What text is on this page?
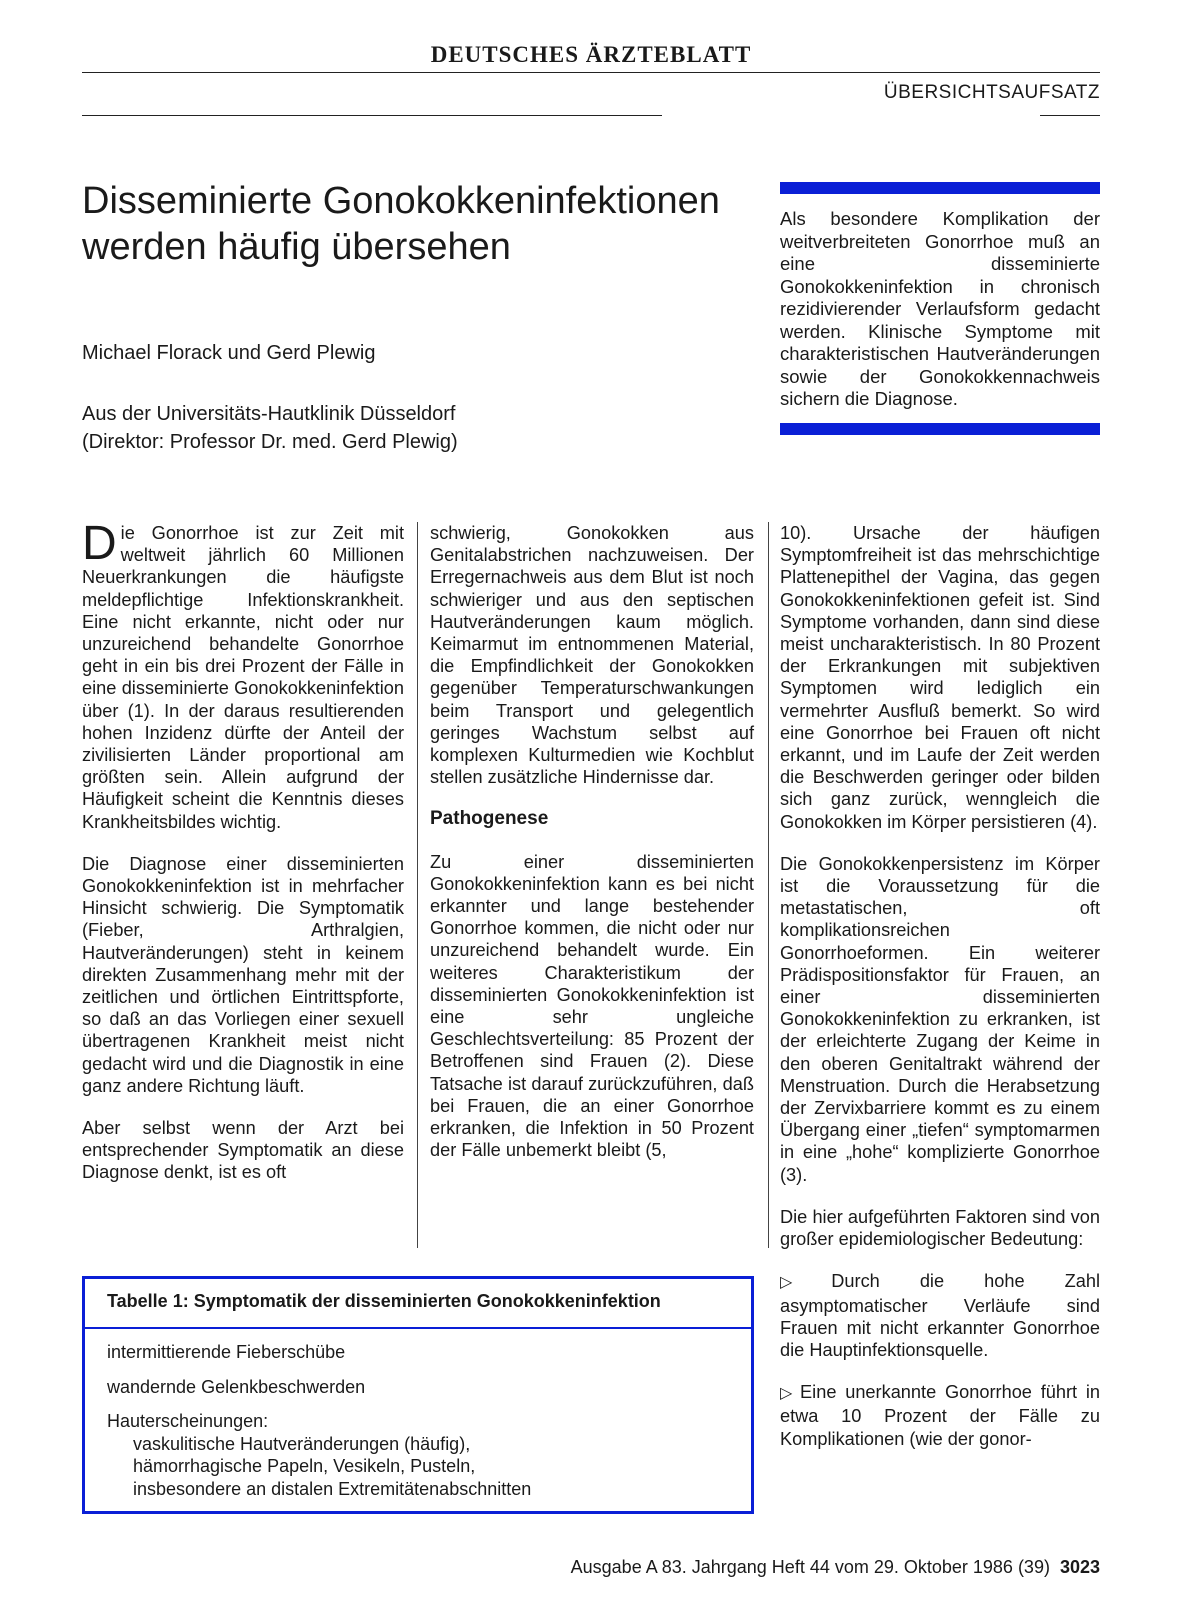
DEUTSCHES ÄRZTEBLATT
ÜBERSICHTSAUFSATZ
Disseminierte Gonokokkeninfektionen
werden häufig übersehen
Michael Florack und Gerd Plewig
Aus der Universitäts-Hautklinik Düsseldorf
(Direktor: Professor Dr. med. Gerd Plewig)
Als besondere Komplikation der weitverbreiteten Gonorrhoe muß an eine disseminierte Gonokokkeninfektion in chronisch rezidivierender Verlaufsform gedacht werden. Klinische Symptome mit charakteristischen Hautveränderungen sowie der Gonokokkennachweis sichern die Diagnose.

Die Gonorrhoe ist zur Zeit mit weltweit jährlich 60 Millionen Neuerkrankungen die häufigste meldepflichtige Infektionskrankheit. Eine nicht erkannte, nicht oder nur unzureichend behandelte Gonorrhoe geht in ein bis drei Prozent der Fälle in eine disseminierte Gonokokkeninfektion über (1). In der daraus resultierenden hohen Inzidenz dürfte der Anteil der zivilisierten Länder proportional am größten sein. Allein aufgrund der Häufigkeit scheint die Kenntnis dieses Krankheitsbildes wichtig.

Die Diagnose einer disseminierten Gonokokkeninfektion ist in mehrfacher Hinsicht schwierig. Die Symptomatik (Fieber, Arthralgien, Hautveränderungen) steht in keinem direkten Zusammenhang mehr mit der zeitlichen und örtlichen Eintrittspforte, so daß an das Vorliegen einer sexuell übertragenen Krankheit meist nicht gedacht wird und die Diagnostik in eine ganz andere Richtung läuft.

Aber selbst wenn der Arzt bei entsprechender Symptomatik an diese Diagnose denkt, ist es oft

schwierig, Gonokokken aus Genitalabstrichen nachzuweisen. Der Erregernachweis aus dem Blut ist noch schwieriger und aus den septischen Hautveränderungen kaum möglich. Keimarmut im entnommenen Material, die Empfindlichkeit der Gonokokken gegenüber Temperaturschwankungen beim Transport und gelegentlich geringes Wachstum selbst auf komplexen Kulturmedien wie Kochblut stellen zusätzliche Hindernisse dar.

Pathogenese

Zu einer disseminierten Gonokokkeninfektion kann es bei nicht erkannter und lange bestehender Gonorrhoe kommen, die nicht oder nur unzureichend behandelt wurde. Ein weiteres Charakteristikum der disseminierten Gonokokkeninfektion ist eine sehr ungleiche Geschlechtsverteilung: 85 Prozent der Betroffenen sind Frauen (2). Diese Tatsache ist darauf zurückzuführen, daß bei Frauen, die an einer Gonorrhoe erkranken, die Infektion in 50 Prozent der Fälle unbemerkt bleibt (5,

10). Ursache der häufigen Symptomfreiheit ist das mehrschichtige Plattenepithel der Vagina, das gegen Gonokokkeninfektionen gefeit ist. Sind Symptome vorhanden, dann sind diese meist uncharakteristisch. In 80 Prozent der Erkrankungen mit subjektiven Symptomen wird lediglich ein vermehrter Ausfluß bemerkt. So wird eine Gonorrhoe bei Frauen oft nicht erkannt, und im Laufe der Zeit werden die Beschwerden geringer oder bilden sich ganz zurück, wenngleich die Gonokokken im Körper persistieren (4).

Die Gonokokkenpersistenz im Körper ist die Voraussetzung für die metastatischen, oft komplikationsreichen Gonorrhoeformen. Ein weiterer Prädispositionsfaktor für Frauen, an einer disseminierten Gonokokkeninfektion zu erkranken, ist der erleichterte Zugang der Keime in den oberen Genitaltrakt während der Menstruation. Durch die Herabsetzung der Zervixbarriere kommt es zu einem Übergang einer „tiefen“ symptomarmen in eine „hohe“ komplizierte Gonorrhoe (3).

Die hier aufgeführten Faktoren sind von großer epidemiologischer Bedeutung:

▷ Durch die hohe Zahl asymptomatischer Verläufe sind Frauen mit nicht erkannter Gonorrhoe die Hauptinfektionsquelle.

▷ Eine unerkannte Gonorrhoe führt in etwa 10 Prozent der Fälle zu Komplikationen (wie der gonor-

Tabelle 1: Symptomatik der disseminierten Gonokokkeninfektion
intermittierende Fieberschübe
wandernde Gelenkbeschwerden
Hauterscheinungen:
vaskulitische Hautveränderungen (häufig),
hämorrhagische Papeln, Vesikeln, Pusteln,
insbesondere an distalen Extremitätenabschnitten
Ausgabe A 83. Jahrgang Heft 44 vom 29. Oktober 1986 (39) 3023
